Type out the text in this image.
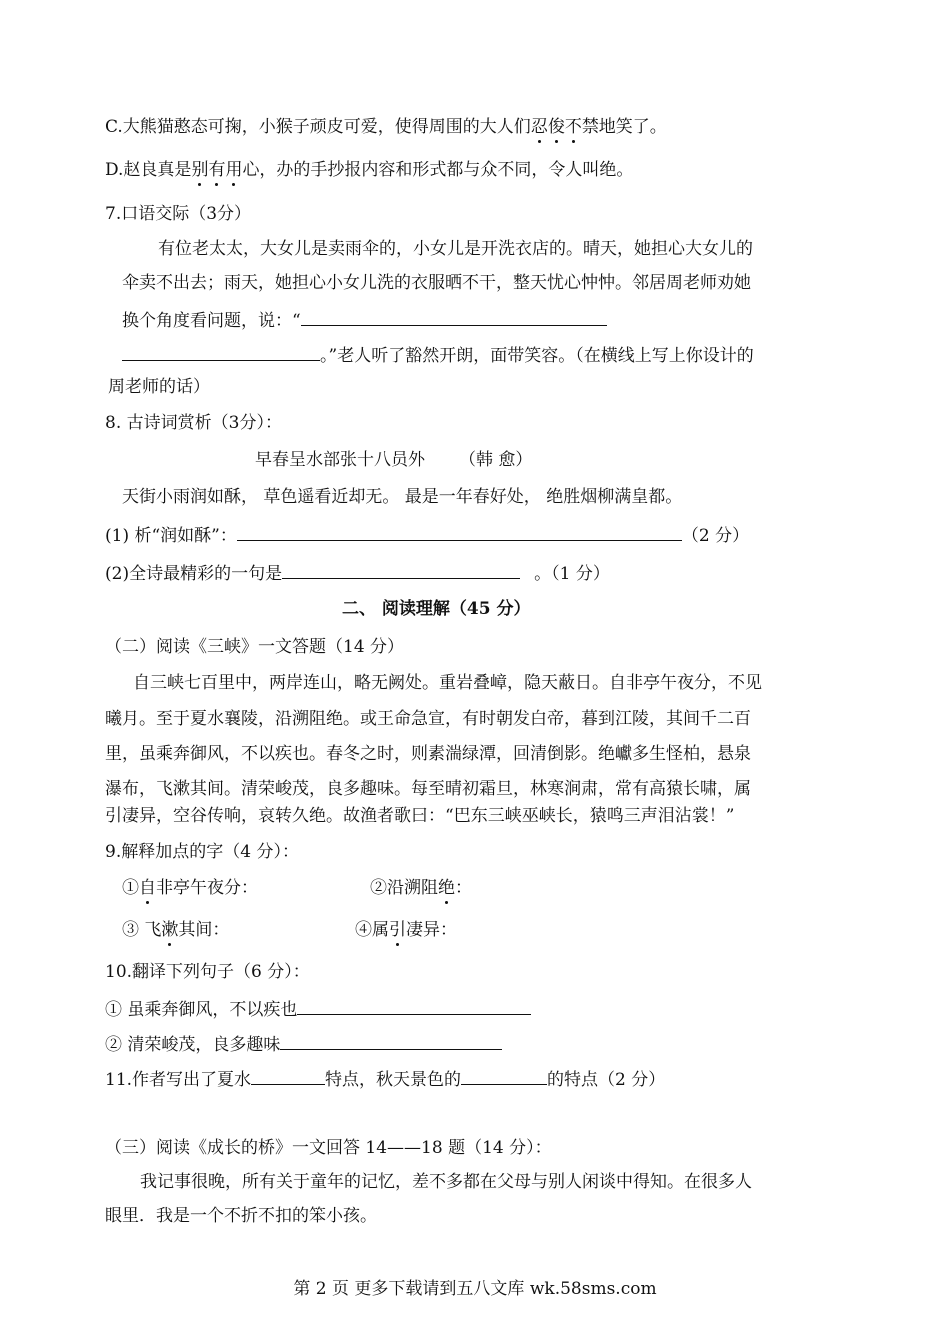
C.大熊猫憨态可掬，小猴子顽皮可爱，使得周围的大人们忍俊不禁地笑了。
D.赵良真是别有用心，办的手抄报内容和形式都与众不同，令人叫绝。
7.口语交际（3分）
有位老太太，大女儿是卖雨伞的，小女儿是开洗衣店的。晴天，她担心大女儿的
伞卖不出去；雨天，她担心小女儿洗的衣服晒不干，整天忧心忡忡。邻居周老师劝她
换个角度看问题，说：“
。”老人听了豁然开朗，面带笑容。（在横线上写上你设计的
周老师的话）
8. 古诗词赏析（3分）：
早春呈水部张十八员外 （韩 愈）
天街小雨润如酥， 草色遥看近却无。 最是一年春好处， 绝胜烟柳满皇都。
(1) 析“润如酥”：	（2 分）
(2)全诗最精彩的一句是	。（1 分）
二、 阅读理解（45 分）
（二）阅读《三峡》一文答题（14 分）
自三峡七百里中，两岸连山，略无阙处。重岩叠嶂，隐天蔽日。自非亭午夜分，不见
曦月。至于夏水襄陵，沿溯阻绝。或王命急宣，有时朝发白帝，暮到江陵，其间千二百
里，虽乘奔御风，不以疾也。春冬之时，则素湍绿潭，回清倒影。绝巘多生怪柏，悬泉
瀑布，飞漱其间。清荣峻茂，良多趣味。每至晴初霜旦，林寒涧肃，常有高猿长啸，属
引凄异，空谷传响，哀转久绝。故渔者歌曰：“巴东三峡巫峡长，猿鸣三声泪沾裳！”
9.解释加点的字（4 分）：
①自非亭午夜分：	②沿溯阻绝：
③ 飞漱其间：	④属引凄异：
10.翻译下列句子（6 分）：
① 虽乘奔御风，不以疾也
② 清荣峻茂，良多趣味
11.作者写出了夏水	特点，秋天景色的	的特点（2 分）
（三）阅读《成长的桥》一文回答 14——18 题（14 分）：
我记事很晚，所有关于童年的记忆，差不多都在父母与别人闲谈中得知。在很多人
眼里．我是一个不折不扣的笨小孩。
第 2 页 更多下载请到五八文库 wk.58sms.com
